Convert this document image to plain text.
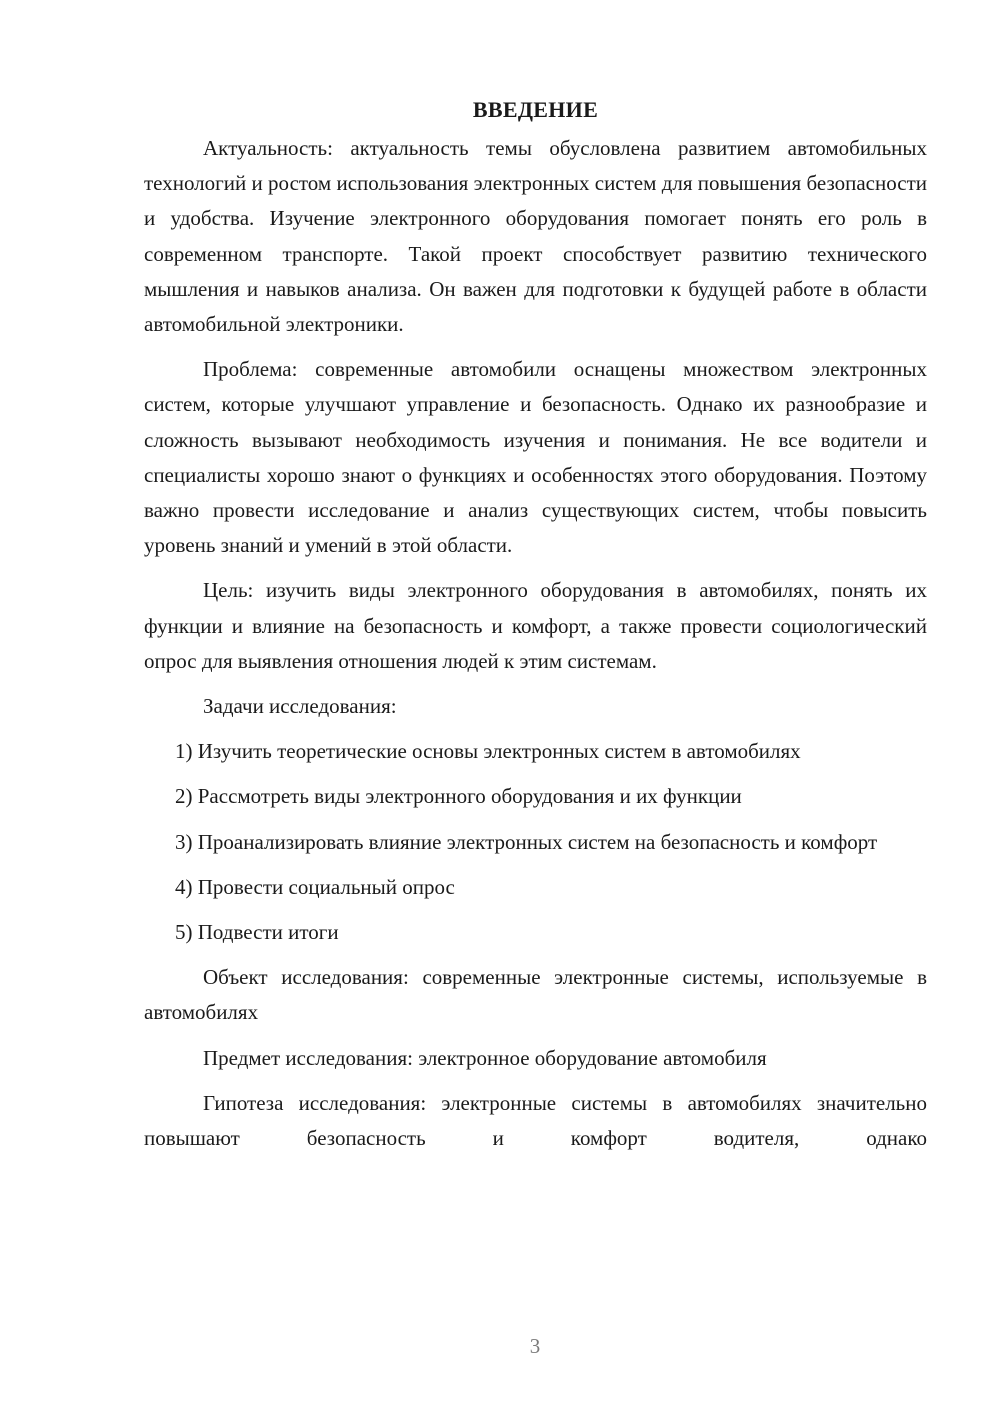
ВВЕДЕНИЕ

Актуальность: актуальность темы обусловлена развитием автомобильных технологий и ростом использования электронных систем для повышения безопасности и удобства. Изучение электронного оборудования помогает понять его роль в современном транспорте. Такой проект способствует развитию технического мышления и навыков анализа. Он важен для подготовки к будущей работе в области автомобильной электроники.

Проблема: современные автомобили оснащены множеством электронных систем, которые улучшают управление и безопасность. Однако их разнообразие и сложность вызывают необходимость изучения и понимания. Не все водители и специалисты хорошо знают о функциях и особенностях этого оборудования. Поэтому важно провести исследование и анализ существующих систем, чтобы повысить уровень знаний и умений в этой области.

Цель: изучить виды электронного оборудования в автомобилях, понять их функции и влияние на безопасность и комфорт, а также провести социологический опрос для выявления отношения людей к этим системам.

Задачи исследования:

1) Изучить теоретические основы электронных систем в автомобилях

2) Рассмотреть виды электронного оборудования и их функции

3) Проанализировать влияние электронных систем на безопасность и комфорт

4) Провести социальный опрос

5) Подвести итоги

Объект исследования: современные электронные системы, используемые в автомобилях

Предмет исследования: электронное оборудование автомобиля

Гипотеза исследования: электронные системы в автомобилях значительно повышают безопасность и комфорт водителя, однако

3
